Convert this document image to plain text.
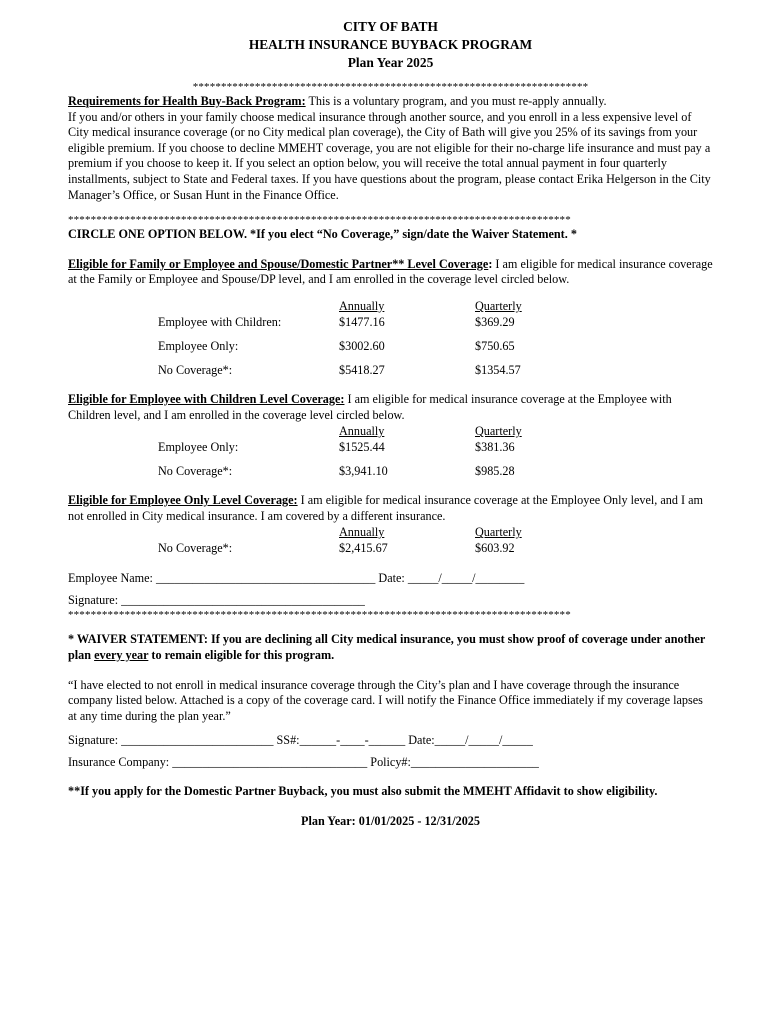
CITY OF BATH
HEALTH INSURANCE BUYBACK PROGRAM
Plan Year 2025
**********************************************************************

Requirements for Health Buy-Back Program: This is a voluntary program, and you must re-apply annually.
If you and/or others in your family choose medical insurance through another source, and you enroll in a less expensive level of City medical insurance coverage (or no City medical plan coverage), the City of Bath will give you 25% of its savings from your eligible premium. If you choose to decline MMEHT coverage, you are not eligible for their no-charge life insurance and must pay a premium if you choose to keep it. If you select an option below, you will receive the total annual payment in four quarterly installments, subject to State and Federal taxes. If you have questions about the program, please contact Erika Helgerson in the City Manager’s Office, or Susan Hunt in the Finance Office.

*****************************************************************************************

CIRCLE ONE OPTION BELOW. *If you elect “No Coverage,” sign/date the Waiver Statement. *

Eligible for Family or Employee and Spouse/Domestic Partner** Level Coverage: I am eligible for medical insurance coverage at the Family or Employee and Spouse/DP level, and I am enrolled in the coverage level circled below.

Annually	Quarterly
Employee with Children:	$1477.16	$369.29
Employee Only:	$3002.60	$750.65
No Coverage*:	$5418.27	$1354.57

Eligible for Employee with Children Level Coverage: I am eligible for medical insurance coverage at the Employee with Children level, and I am enrolled in the coverage level circled below.

Annually	Quarterly
Employee Only:	$1525.44	$381.36
No Coverage*:	$3,941.10	$985.28

Eligible for Employee Only Level Coverage: I am eligible for medical insurance coverage at the Employee Only level, and I am not enrolled in City medical insurance. I am covered by a different insurance.

Annually	Quarterly
No Coverage*:	$2,415.67	$603.92
Employee Name: ____________________________________ Date: _____/_____/________
Signature: ________________________________________
*****************************************************************************************

* WAIVER STATEMENT: If you are declining all City medical insurance, you must show proof of coverage under another plan every year to remain eligible for this program.

“I have elected to not enroll in medical insurance coverage through the City’s plan and I have coverage through the insurance company listed below. Attached is a copy of the coverage card. I will notify the Finance Office immediately if my coverage lapses at any time during the plan year.”

Signature: _________________________ SS#:______-____-______ Date:_____/_____/_____
Insurance Company: ________________________________ Policy#:_____________________

**If you apply for the Domestic Partner Buyback, you must also submit the MMEHT Affidavit to show eligibility.

Plan Year: 01/01/2025 - 12/31/2025
